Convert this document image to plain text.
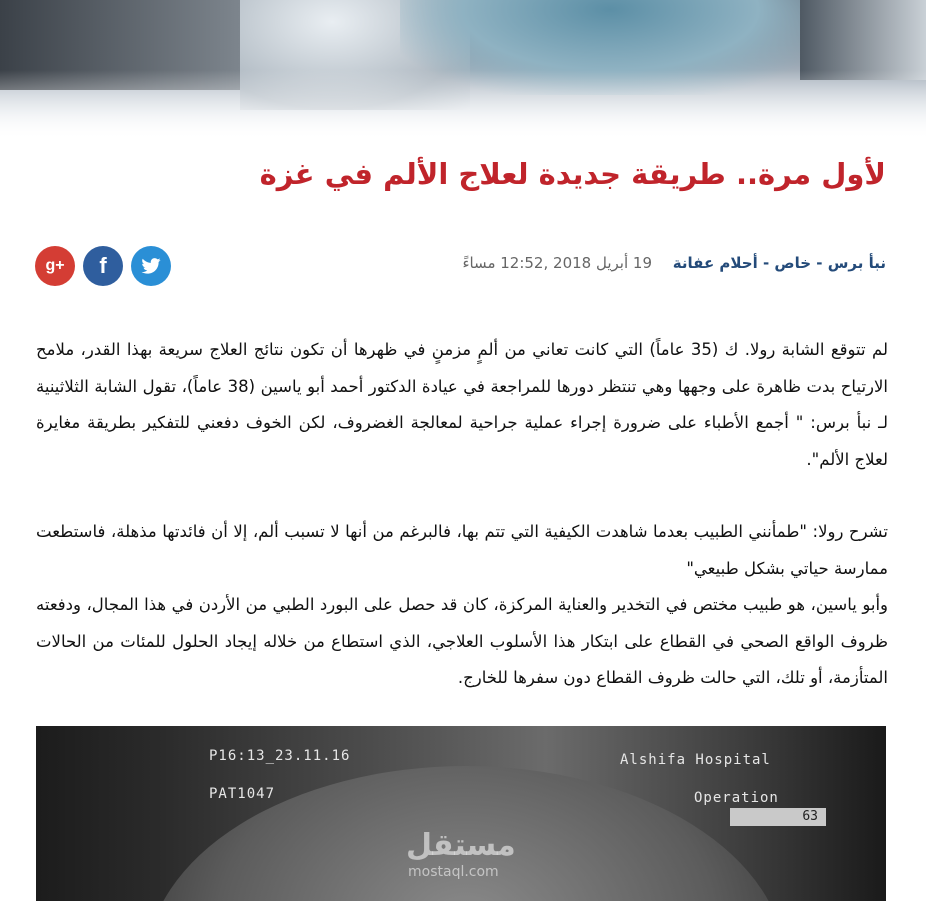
لأول مرة.. طريقة جديدة لعلاج الألم في غزة
نبأ برس - خاص - أحلام عفانة 19 أبريل 2018 ,12:52 مساءً
g+ f

لم تتوقع الشابة رولا. ك (35 عاماً) التي كانت تعاني من ألمٍ مزمنٍ في ظهرها أن تكون نتائج العلاج سريعة بهذا القدر، ملامح الارتياح بدت ظاهرة على وجهها وهي تنتظر دورها للمراجعة في عيادة الدكتور أحمد أبو ياسين (38 عاماً)، تقول الشابة الثلاثينية لـ نبأ برس: " أجمع الأطباء على ضرورة إجراء عملية جراحية لمعالجة الغضروف، لكن الخوف دفعني للتفكير بطريقة مغايرة لعلاج الألم".

تشرح رولا: "طمأنني الطبيب بعدما شاهدت الكيفية التي تتم بها، فالبرغم من أنها لا تسبب ألم، إلا أن فائدتها مذهلة، فاستطعت ممارسة حياتي بشكل طبيعي"

وأبو ياسين، هو طبيب مختص في التخدير والعناية المركزة، كان قد حصل على البورد الطبي من الأردن في هذا المجال، ودفعته ظروف الواقع الصحي في القطاع على ابتكار هذا الأسلوب العلاجي، الذي استطاع من خلاله إيجاد الحلول للمئات من الحالات المتأزمة، أو تلك، التي حالت ظروف القطاع دون سفرها للخارج.

P16:13_23.11.16
PAT1047
Alshifa Hospital
Operation
63
مستقل
mostaql.com
